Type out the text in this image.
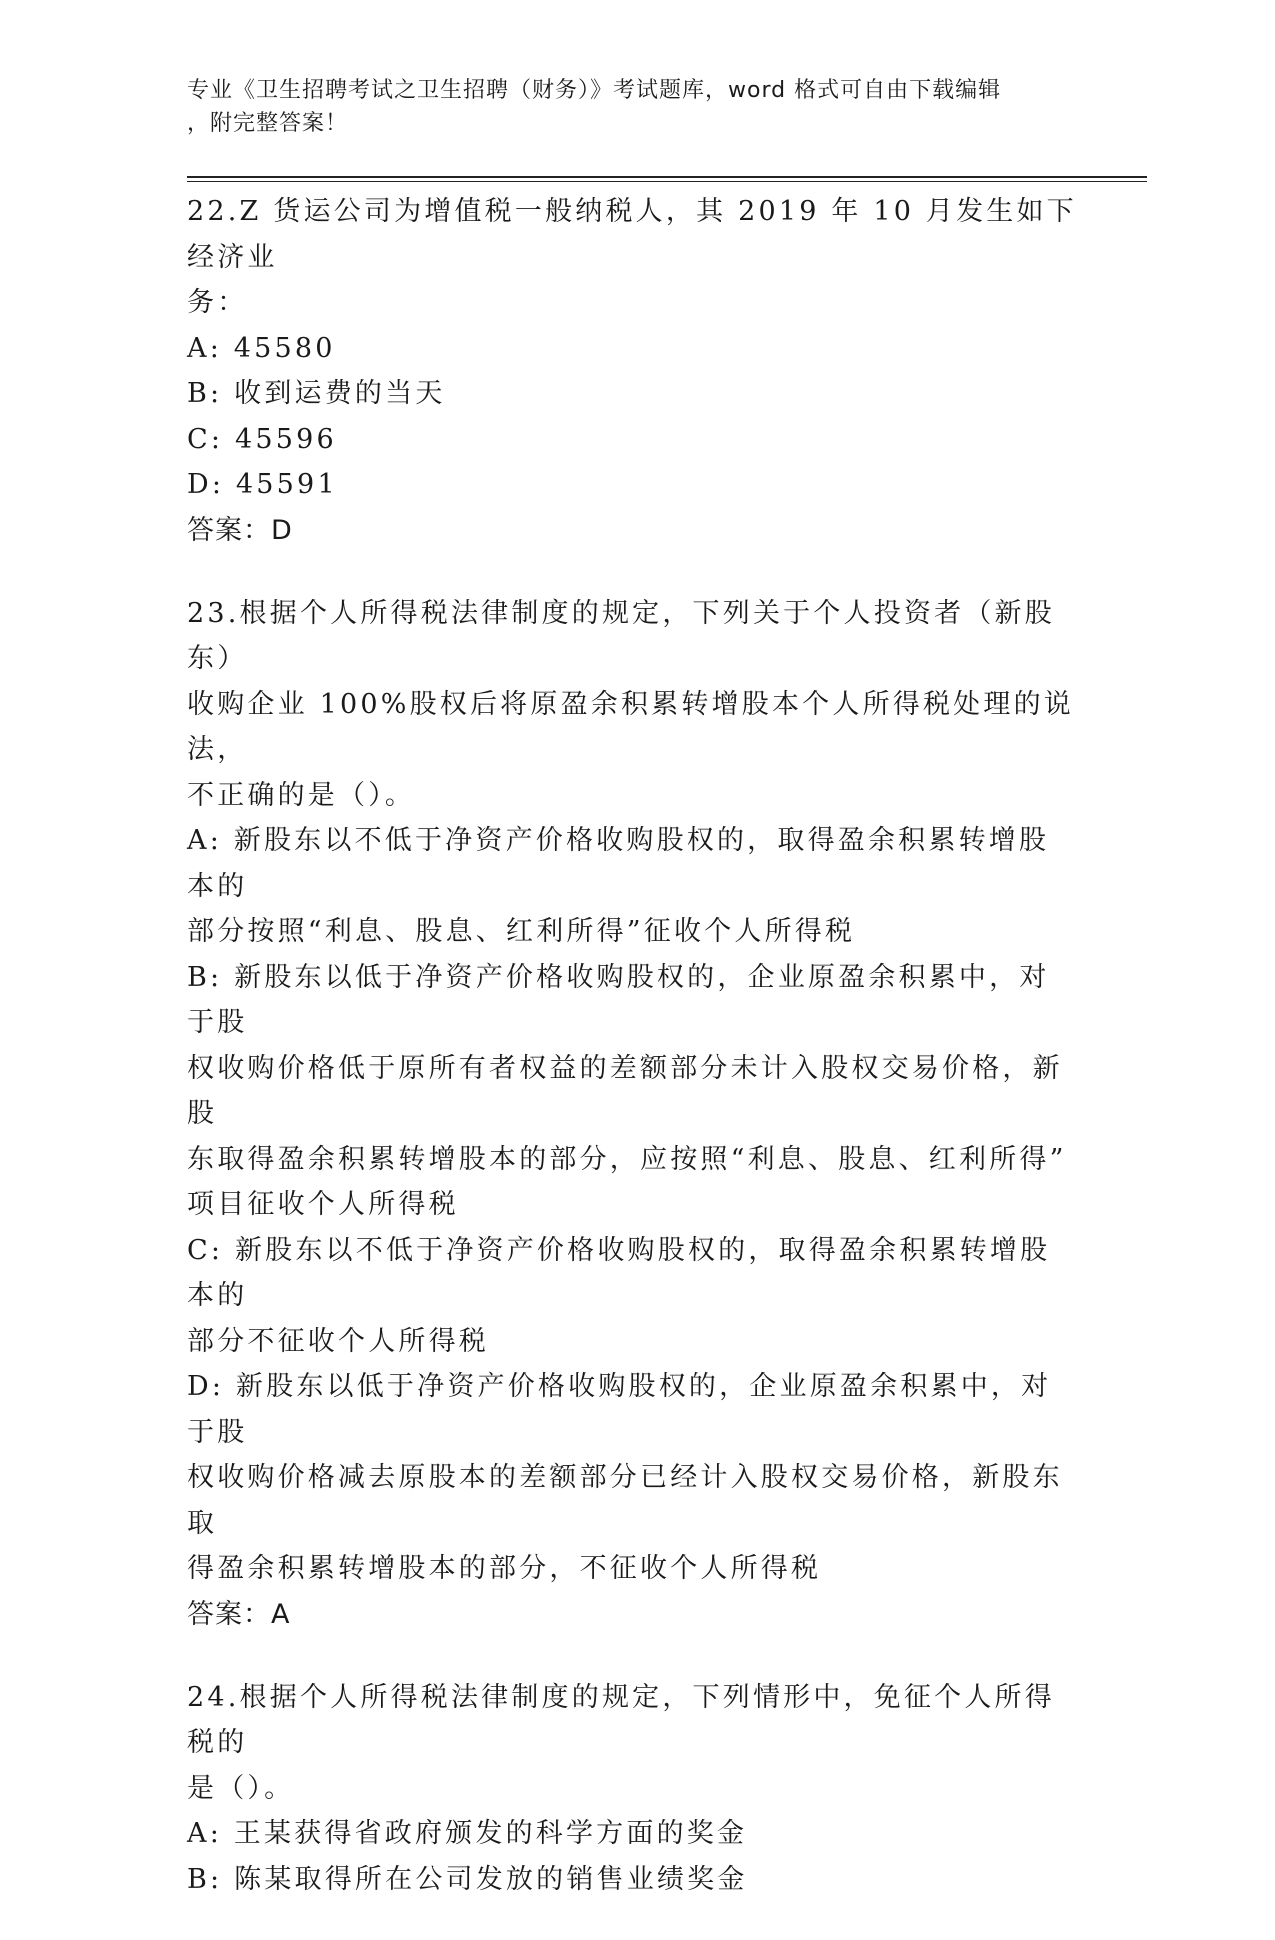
专业《卫生招聘考试之卫生招聘（财务）》考试题库，word 格式可自由下载编辑
，附完整答案！

22.Z 货运公司为增值税一般纳税人，其 2019 年 10 月发生如下经济业

务：

A: 45580

B: 收到运费的当天

C: 45596

D: 45591

答案：D

23.根据个人所得税法律制度的规定，下列关于个人投资者（新股东）

收购企业 100%股权后将原盈余积累转增股本个人所得税处理的说法，

不正确的是（）。

A: 新股东以不低于净资产价格收购股权的，取得盈余积累转增股本的

部分按照“利息、股息、红利所得”征收个人所得税

B: 新股东以低于净资产价格收购股权的，企业原盈余积累中，对于股

权收购价格低于原所有者权益的差额部分未计入股权交易价格，新股

东取得盈余积累转增股本的部分，应按照“利息、股息、红利所得”

项目征收个人所得税

C: 新股东以不低于净资产价格收购股权的，取得盈余积累转增股本的

部分不征收个人所得税

D: 新股东以低于净资产价格收购股权的，企业原盈余积累中，对于股

权收购价格减去原股本的差额部分已经计入股权交易价格，新股东取

得盈余积累转增股本的部分，不征收个人所得税

答案：A

24.根据个人所得税法律制度的规定，下列情形中，免征个人所得税的

是（）。

A: 王某获得省政府颁发的科学方面的奖金

B: 陈某取得所在公司发放的销售业绩奖金
